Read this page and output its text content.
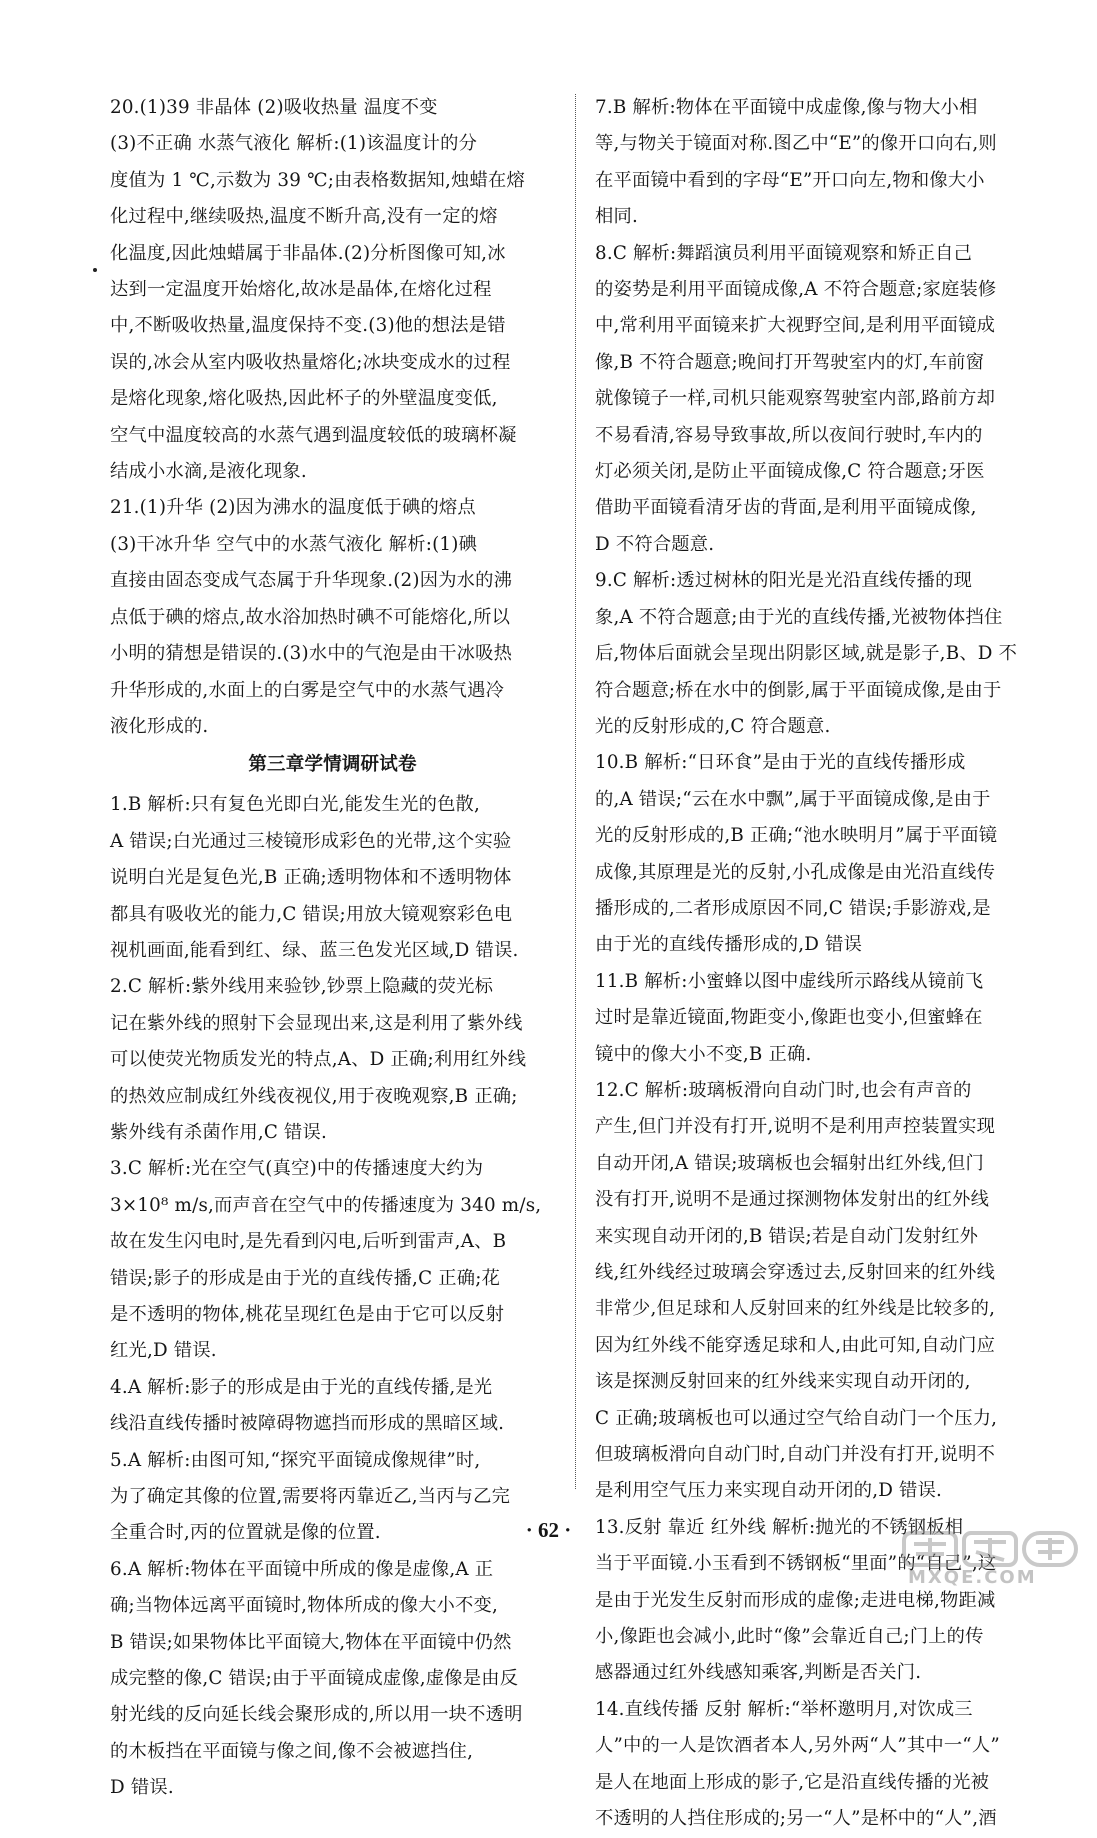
20.(1)39 非晶体 (2)吸收热量 温度不变

(3)不正确 水蒸气液化 解析:(1)该温度计的分

度值为 1 ℃,示数为 39 ℃;由表格数据知,烛蜡在熔

化过程中,继续吸热,温度不断升高,没有一定的熔

化温度,因此烛蜡属于非晶体.(2)分析图像可知,冰

达到一定温度开始熔化,故冰是晶体,在熔化过程

中,不断吸收热量,温度保持不变.(3)他的想法是错

误的,冰会从室内吸收热量熔化;冰块变成水的过程

是熔化现象,熔化吸热,因此杯子的外壁温度变低,

空气中温度较高的水蒸气遇到温度较低的玻璃杯凝

结成小水滴,是液化现象.

21.(1)升华 (2)因为沸水的温度低于碘的熔点

(3)干冰升华 空气中的水蒸气液化 解析:(1)碘

直接由固态变成气态属于升华现象.(2)因为水的沸

点低于碘的熔点,故水浴加热时碘不可能熔化,所以

小明的猜想是错误的.(3)水中的气泡是由干冰吸热

升华形成的,水面上的白雾是空气中的水蒸气遇冷

液化形成的.

第三章学情调研试卷

1.B 解析:只有复色光即白光,能发生光的色散,

A 错误;白光通过三棱镜形成彩色的光带,这个实验

说明白光是复色光,B 正确;透明物体和不透明物体

都具有吸收光的能力,C 错误;用放大镜观察彩色电

视机画面,能看到红、绿、蓝三色发光区域,D 错误.

2.C 解析:紫外线用来验钞,钞票上隐藏的荧光标

记在紫外线的照射下会显现出来,这是利用了紫外线

可以使荧光物质发光的特点,A、D 正确;利用红外线

的热效应制成红外线夜视仪,用于夜晚观察,B 正确;

紫外线有杀菌作用,C 错误.

3.C 解析:光在空气(真空)中的传播速度大约为

3×10⁸ m/s,而声音在空气中的传播速度为 340 m/s,

故在发生闪电时,是先看到闪电,后听到雷声,A、B

错误;影子的形成是由于光的直线传播,C 正确;花

是不透明的物体,桃花呈现红色是由于它可以反射

红光,D 错误.

4.A 解析:影子的形成是由于光的直线传播,是光

线沿直线传播时被障碍物遮挡而形成的黑暗区域.

5.A 解析:由图可知,“探究平面镜成像规律”时,

为了确定其像的位置,需要将丙靠近乙,当丙与乙完

全重合时,丙的位置就是像的位置.

6.A 解析:物体在平面镜中所成的像是虚像,A 正

确;当物体远离平面镜时,物体所成的像大小不变,

B 错误;如果物体比平面镜大,物体在平面镜中仍然

成完整的像,C 错误;由于平面镜成虚像,虚像是由反

射光线的反向延长线会聚形成的,所以用一块不透明

的木板挡在平面镜与像之间,像不会被遮挡住,

D 错误.

7.B 解析:物体在平面镜中成虚像,像与物大小相

等,与物关于镜面对称.图乙中“E”的像开口向右,则

在平面镜中看到的字母“E”开口向左,物和像大小

相同.

8.C 解析:舞蹈演员利用平面镜观察和矫正自己

的姿势是利用平面镜成像,A 不符合题意;家庭装修

中,常利用平面镜来扩大视野空间,是利用平面镜成

像,B 不符合题意;晚间打开驾驶室内的灯,车前窗

就像镜子一样,司机只能观察驾驶室内部,路前方却

不易看清,容易导致事故,所以夜间行驶时,车内的

灯必须关闭,是防止平面镜成像,C 符合题意;牙医

借助平面镜看清牙齿的背面,是利用平面镜成像,

D 不符合题意.

9.C 解析:透过树林的阳光是光沿直线传播的现

象,A 不符合题意;由于光的直线传播,光被物体挡住

后,物体后面就会呈现出阴影区域,就是影子,B、D 不

符合题意;桥在水中的倒影,属于平面镜成像,是由于

光的反射形成的,C 符合题意.

10.B 解析:“日环食”是由于光的直线传播形成

的,A 错误;“云在水中飘”,属于平面镜成像,是由于

光的反射形成的,B 正确;“池水映明月”属于平面镜

成像,其原理是光的反射,小孔成像是由光沿直线传

播形成的,二者形成原因不同,C 错误;手影游戏,是

由于光的直线传播形成的,D 错误

11.B 解析:小蜜蜂以图中虚线所示路线从镜前飞

过时是靠近镜面,物距变小,像距也变小,但蜜蜂在

镜中的像大小不变,B 正确.

12.C 解析:玻璃板滑向自动门时,也会有声音的

产生,但门并没有打开,说明不是利用声控装置实现

自动开闭,A 错误;玻璃板也会辐射出红外线,但门

没有打开,说明不是通过探测物体发射出的红外线

来实现自动开闭的,B 错误;若是自动门发射红外

线,红外线经过玻璃会穿透过去,反射回来的红外线

非常少,但足球和人反射回来的红外线是比较多的,

因为红外线不能穿透足球和人,由此可知,自动门应

该是探测反射回来的红外线来实现自动开闭的,

C 正确;玻璃板也可以通过空气给自动门一个压力,

但玻璃板滑向自动门时,自动门并没有打开,说明不

是利用空气压力来实现自动开闭的,D 错误.

13.反射 靠近 红外线 解析:抛光的不锈钢板相

当于平面镜.小玉看到不锈钢板“里面”的“自己”,这

是由于光发生反射而形成的虚像;走进电梯,物距减

小,像距也会减小,此时“像”会靠近自己;门上的传

感器通过红外线感知乘客,判断是否关门.

14.直线传播 反射 解析:“举杯邀明月,对饮成三

人”中的一人是饮酒者本人,另外两“人”其中一“人”

是人在地面上形成的影子,它是沿直线传播的光被

不透明的人挡住形成的;另一“人”是杯中的“人”,酒

· 62 ·
MXQE.COM
